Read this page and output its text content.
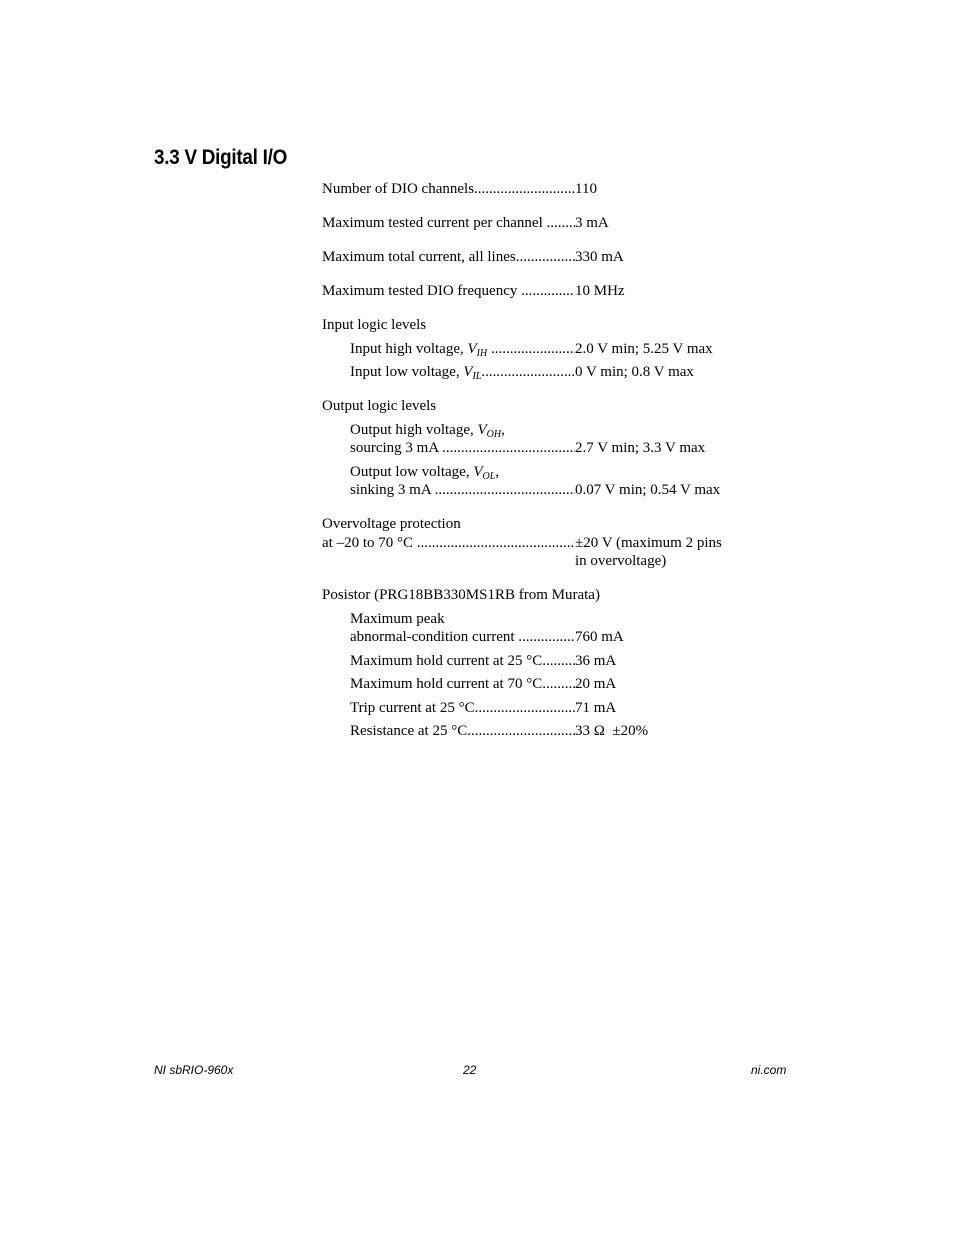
3.3 V Digital I/O
Number of DIO channels .....	110
Maximum tested current per channel .....	3 mA
Maximum total current, all lines .....	330 mA
Maximum tested DIO frequency .....	10 MHz
Input logic levels
Input high voltage, $V_{IH}$ .....	2.0 V min; 5.25 V max
Input low voltage, $V_{IL}$ .....	0 V min; 0.8 V max
Output logic levels
Output high voltage, $V_{OH}$,
sourcing 3 mA .....	2.7 V min; 3.3 V max
Output low voltage, $V_{OL}$,
sinking 3 mA .....	0.07 V min; 0.54 V max
Overvoltage protection
at –20 to 70 °C .....	±20 V (maximum 2 pins
in overvoltage)
Posistor (PRG18BB330MS1RB from Murata)
Maximum peak
abnormal-condition current .....	760 mA
Maximum hold current at 25 °C .....	36 mA
Maximum hold current at 70 °C .....	20 mA
Trip current at 25 °C .....	71 mA
Resistance at 25 °C .....	33 Ω  ±20%
NI sbRIO-960x	22	ni.com
